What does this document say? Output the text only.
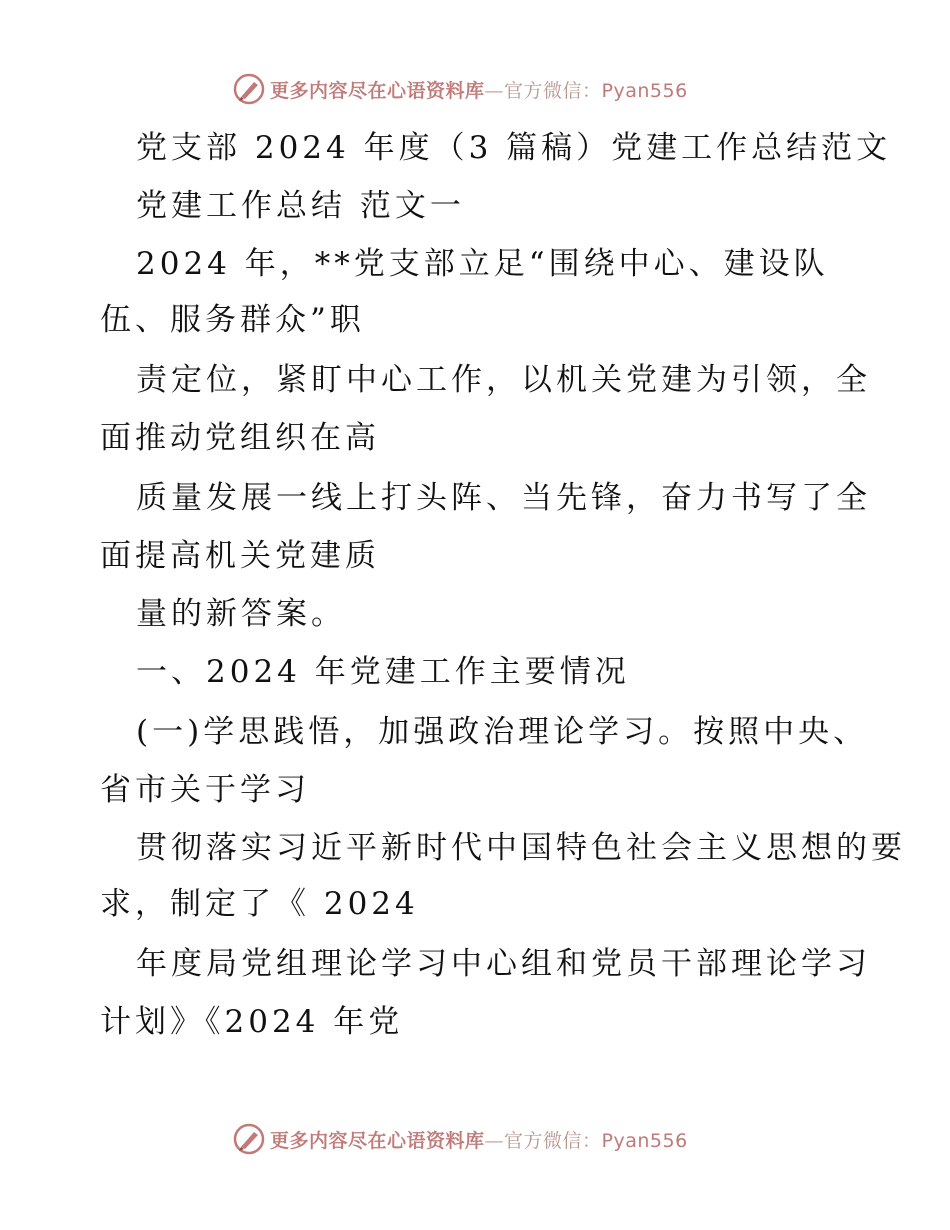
更多内容尽在心语资料库—官方微信：Pyan556
党支部 2024 年度（3 篇稿）党建工作总结范文
党建工作总结 范文一
2024 年，**党支部立足“围绕中心、建设队
伍、服务群众”职
责定位，紧盯中心工作，以机关党建为引领，全
面推动党组织在高
质量发展一线上打头阵、当先锋，奋力书写了全
面提高机关党建质
量的新答案。
一、2024 年党建工作主要情况
(一)学思践悟，加强政治理论学习。按照中央、
省市关于学习
贯彻落实习近平新时代中国特色社会主义思想的要
求，制定了《 2024
年度局党组理论学习中心组和党员干部理论学习
计划》《2024 年党
更多内容尽在心语资料库—官方微信：Pyan556
